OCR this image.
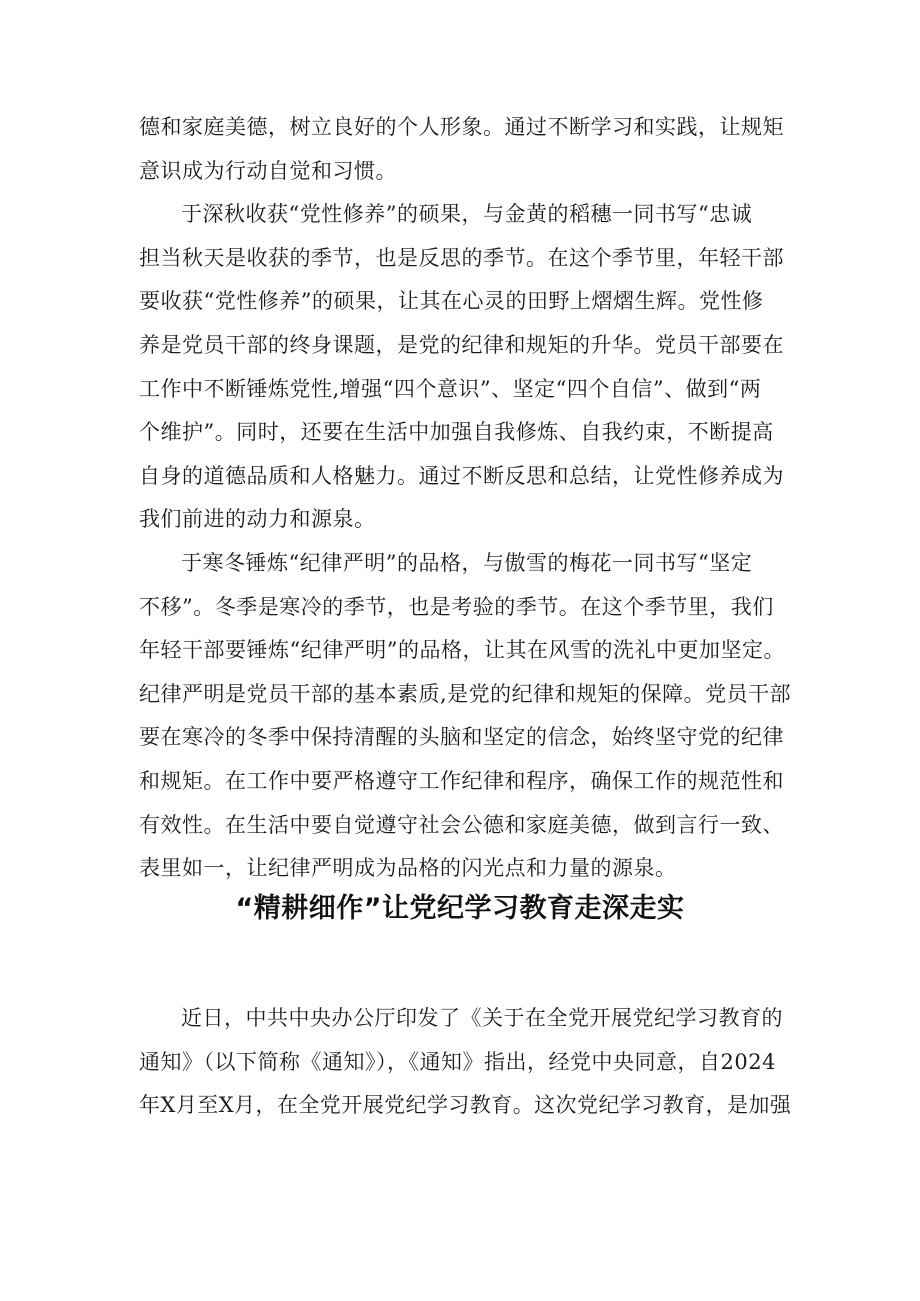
德和家庭美德，树立良好的个人形象。通过不断学习和实践，让规矩
意识成为行动自觉和习惯。

于深秋收获“党性修养”的硕果，与金黄的稻穗一同书写“忠诚
担当秋天是收获的季节，也是反思的季节。在这个季节里，年轻干部
要收获“党性修养”的硕果，让其在心灵的田野上熠熠生辉。党性修
养是党员干部的终身课题，是党的纪律和规矩的升华。党员干部要在
工作中不断锤炼党性,增强“四个意识”、坚定“四个自信”、做到“两
个维护”。同时，还要在生活中加强自我修炼、自我约束，不断提高
自身的道德品质和人格魅力。通过不断反思和总结，让党性修养成为
我们前进的动力和源泉。

于寒冬锤炼“纪律严明”的品格，与傲雪的梅花一同书写“坚定
不移”。冬季是寒冷的季节，也是考验的季节。在这个季节里，我们
年轻干部要锤炼“纪律严明”的品格，让其在风雪的洗礼中更加坚定。
纪律严明是党员干部的基本素质,是党的纪律和规矩的保障。党员干部
要在寒冷的冬季中保持清醒的头脑和坚定的信念，始终坚守党的纪律
和规矩。在工作中要严格遵守工作纪律和程序，确保工作的规范性和
有效性。在生活中要自觉遵守社会公德和家庭美德，做到言行一致、
表里如一，让纪律严明成为品格的闪光点和力量的源泉。

“精耕细作”让党纪学习教育走深走实

近日，中共中央办公厅印发了《关于在全党开展党纪学习教育的
通知》（以下简称《通知》），《通知》指出，经党中央同意，自2024
年X月至X月，在全党开展党纪学习教育。这次党纪学习教育，是加强
